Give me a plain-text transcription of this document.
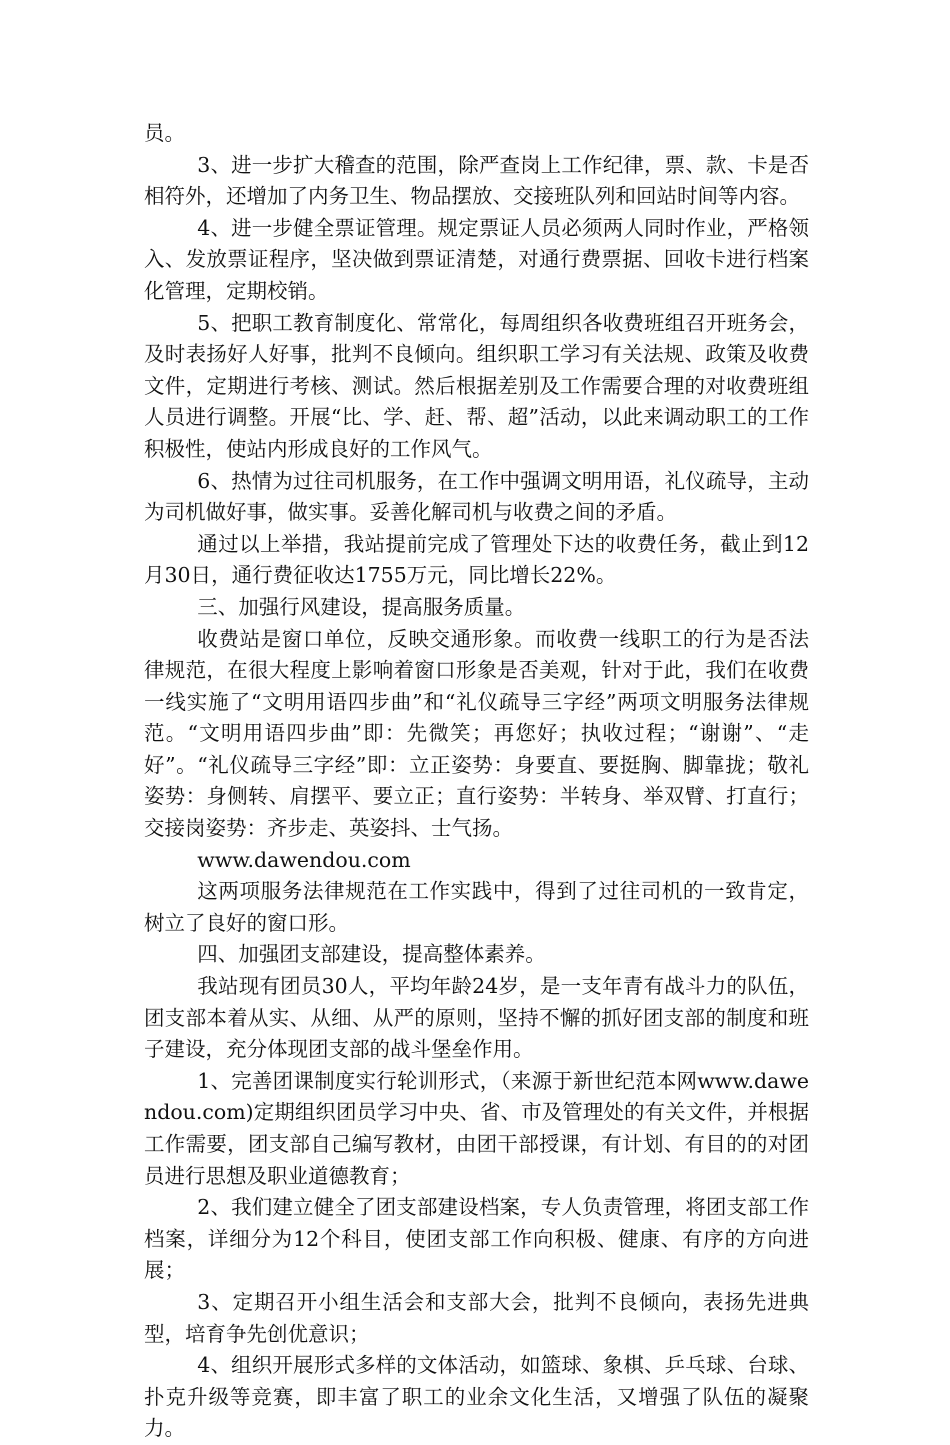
员。

3、进一步扩大稽查的范围，除严查岗上工作纪律，票、款、卡是否相符外，还增加了内务卫生、物品摆放、交接班队列和回站时间等内容。

4、进一步健全票证管理。规定票证人员必须两人同时作业，严格领入、发放票证程序，坚决做到票证清楚，对通行费票据、回收卡进行档案化管理，定期校销。

5、把职工教育制度化、常常化，每周组织各收费班组召开班务会，及时表扬好人好事，批判不良倾向。组织职工学习有关法规、政策及收费文件，定期进行考核、测试。然后根据差别及工作需要合理的对收费班组人员进行调整。开展“比、学、赶、帮、超”活动，以此来调动职工的工作积极性，使站内形成良好的工作风气。

6、热情为过往司机服务，在工作中强调文明用语，礼仪疏导，主动为司机做好事，做实事。妥善化解司机与收费之间的矛盾。

通过以上举措，我站提前完成了管理处下达的收费任务，截止到12月30日，通行费征收达1755万元，同比增长22%。

三、加强行风建设，提高服务质量。

收费站是窗口单位，反映交通形象。而收费一线职工的行为是否法律规范，在很大程度上影响着窗口形象是否美观，针对于此，我们在收费一线实施了“文明用语四步曲”和“礼仪疏导三字经”两项文明服务法律规范。“文明用语四步曲”即：先微笑；再您好；执收过程；“谢谢”、“走好”。“礼仪疏导三字经”即：立正姿势：身要直、要挺胸、脚靠拢；敬礼姿势：身侧转、肩摆平、要立正；直行姿势：半转身、举双臂、打直行；交接岗姿势：齐步走、英姿抖、士气扬。

www.dawendou.com

这两项服务法律规范在工作实践中，得到了过往司机的一致肯定，树立了良好的窗口形。

四、加强团支部建设，提高整体素养。

我站现有团员30人，平均年龄24岁，是一支年青有战斗力的队伍，团支部本着从实、从细、从严的原则，坚持不懈的抓好团支部的制度和班子建设，充分体现团支部的战斗堡垒作用。

1、完善团课制度实行轮训形式，（来源于新世纪范本网www.dawendou.com)定期组织团员学习中央、省、市及管理处的有关文件，并根据工作需要，团支部自己编写教材，由团干部授课，有计划、有目的的对团员进行思想及职业道德教育；

2、我们建立健全了团支部建设档案，专人负责管理，将团支部工作档案，详细分为12个科目，使团支部工作向积极、健康、有序的方向进展；

3、定期召开小组生活会和支部大会，批判不良倾向，表扬先进典型，培育争先创优意识；

4、组织开展形式多样的文体活动，如篮球、象棋、乒乓球、台球、扑克升级等竞赛，即丰富了职工的业余文化生活，又增强了队伍的凝聚力。
